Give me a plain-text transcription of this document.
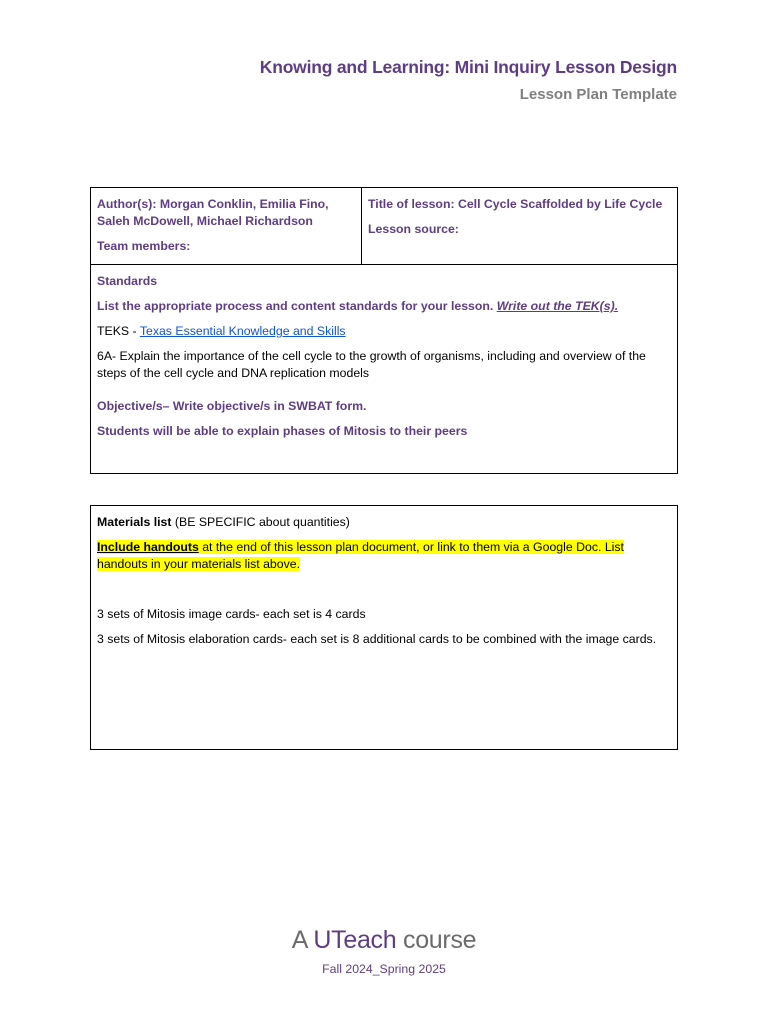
Knowing and Learning: Mini Inquiry Lesson Design
Lesson Plan Template
Author(s): Morgan Conklin, Emilia Fino,
Saleh McDowell, Michael Richardson
Team members:
Title of lesson: Cell Cycle Scaffolded by Life Cycle
Lesson source:
Standards
List the appropriate process and content standards for your lesson. Write out the TEK(s).
TEKS - Texas Essential Knowledge and Skills
6A- Explain the importance of the cell cycle to the growth of organisms, including and overview of the steps of the cell cycle and DNA replication models
Objective/s– Write objective/s in SWBAT form.
Students will be able to explain phases of Mitosis to their peers
Materials list (BE SPECIFIC about quantities)
Include handouts at the end of this lesson plan document, or link to them via a Google Doc. List handouts in your materials list above.
3 sets of Mitosis image cards- each set is 4 cards
3 sets of Mitosis elaboration cards- each set is 8 additional cards to be combined with the image cards.
A UTeach course
Fall 2024_Spring 2025
